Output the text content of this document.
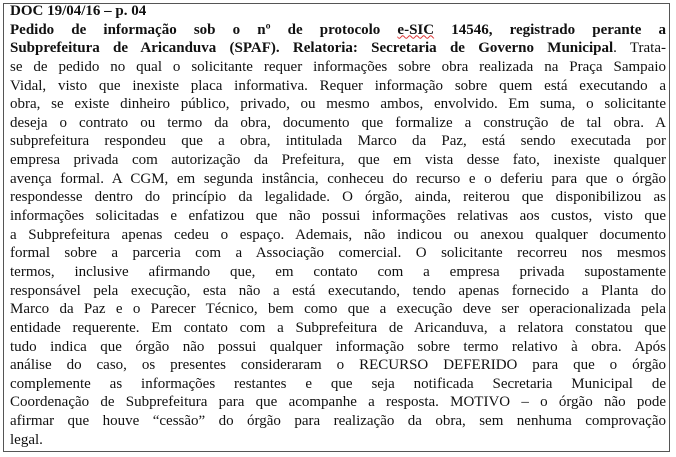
DOC 19/04/16 – p. 04
Pedido de informação sob o nº de protocolo e-SIC 14546, registrado perante a
Subprefeitura de Aricanduva (SPAF). Relatoria: Secretaria de Governo Municipal. Trata-
se de pedido no qual o solicitante requer informações sobre obra realizada na Praça Sampaio
Vidal, visto que inexiste placa informativa. Requer informação sobre quem está executando a
obra, se existe dinheiro público, privado, ou mesmo ambos, envolvido. Em suma, o solicitante
deseja o contrato ou termo da obra, documento que formalize a construção de tal obra. A
subprefeitura respondeu que a obra, intitulada Marco da Paz, está sendo executada por
empresa privada com autorização da Prefeitura, que em vista desse fato, inexiste qualquer
avença formal. A CGM, em segunda instância, conheceu do recurso e o deferiu para que o órgão
respondesse dentro do princípio da legalidade. O órgão, ainda, reiterou que disponibilizou as
informações solicitadas e enfatizou que não possui informações relativas aos custos, visto que
a Subprefeitura apenas cedeu o espaço. Ademais, não indicou ou anexou qualquer documento
formal sobre a parceria com a Associação comercial. O solicitante recorreu nos mesmos
termos, inclusive afirmando que, em contato com a empresa privada supostamente
responsável pela execução, esta não a está executando, tendo apenas fornecido a Planta do
Marco da Paz e o Parecer Técnico, bem como que a execução deve ser operacionalizada pela
entidade requerente. Em contato com a Subprefeitura de Aricanduva, a relatora constatou que
tudo indica que órgão não possui qualquer informação sobre termo relativo à obra. Após
análise do caso, os presentes consideraram o RECURSO DEFERIDO para que o órgão
complemente as informações restantes e que seja notificada Secretaria Municipal de
Coordenação de Subprefeitura para que acompanhe a resposta. MOTIVO – o órgão não pode
afirmar que houve “cessão” do órgão para realização da obra, sem nenhuma comprovação
legal.
